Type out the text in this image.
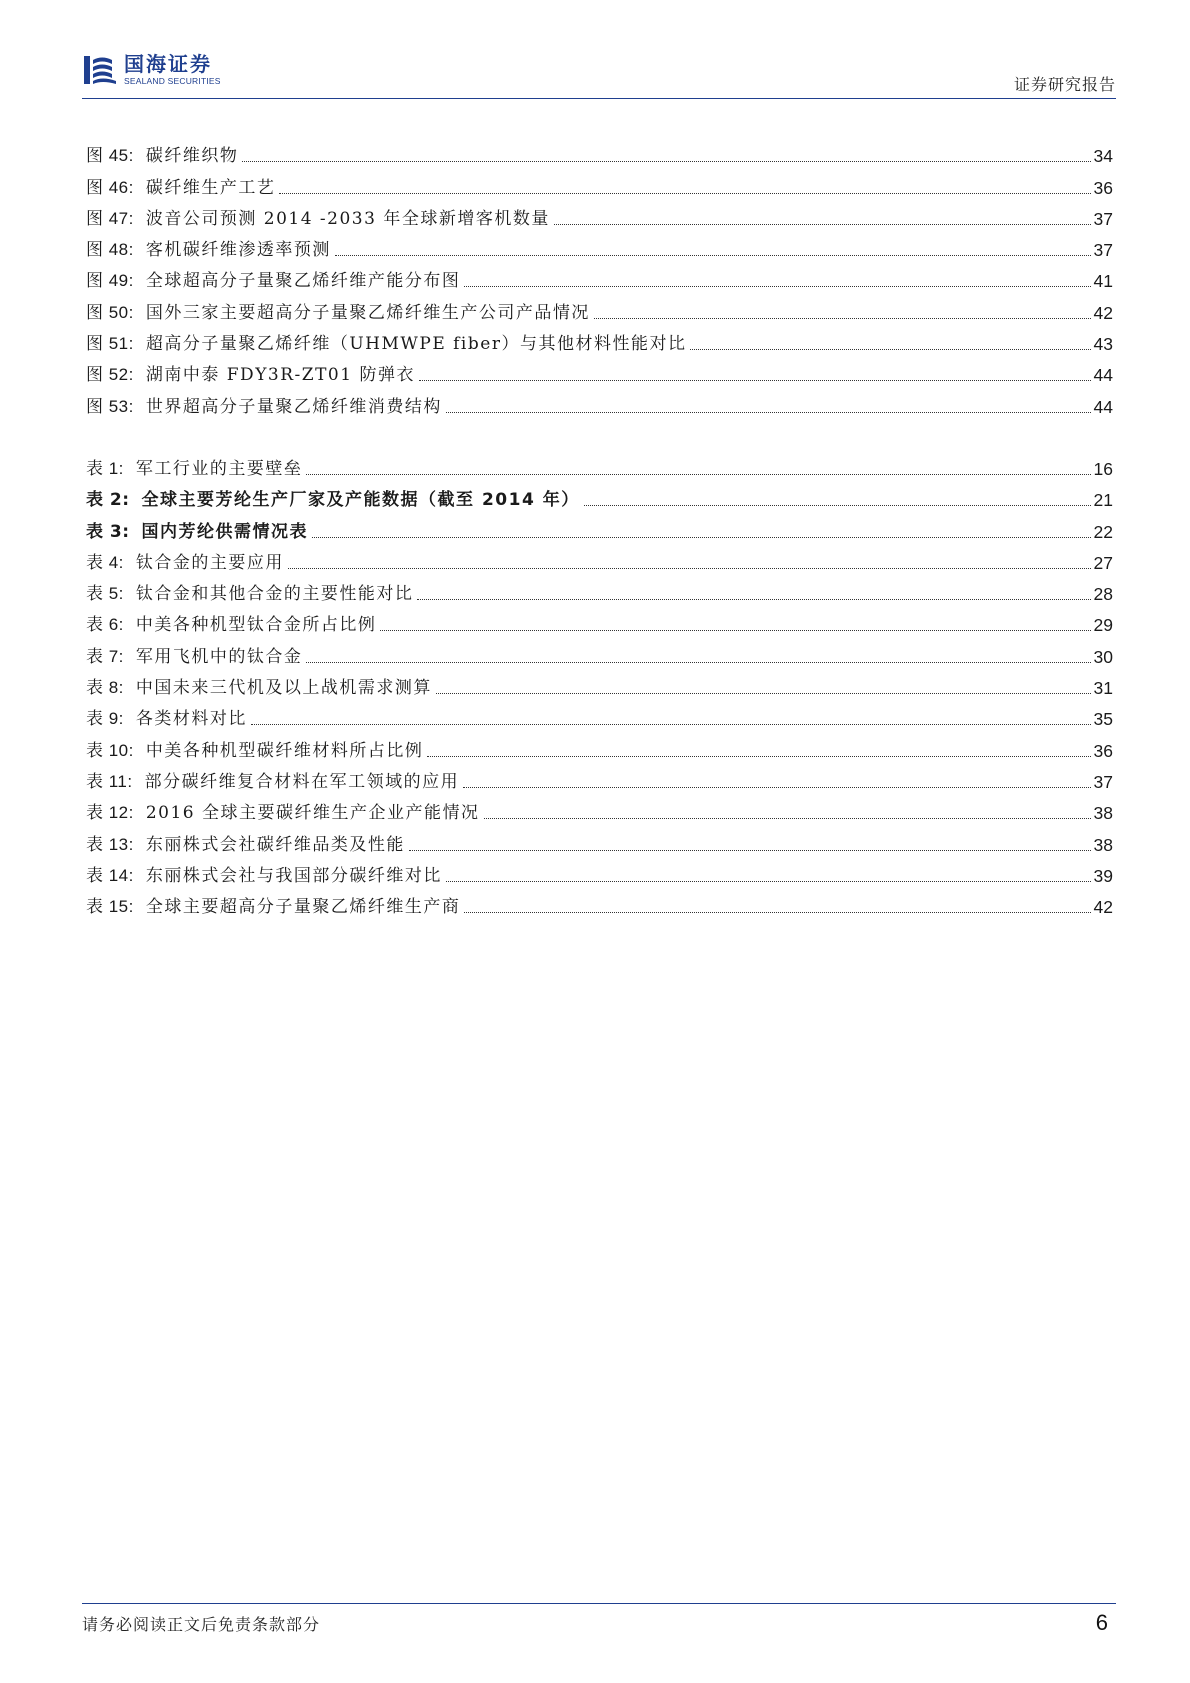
国海证券
SEALAND SECURITIES	证券研究报告
图 45: 碳纤维织物	34
图 46: 碳纤维生产工艺	36
图 47: 波音公司预测 2014 -2033 年全球新增客机数量	37
图 48: 客机碳纤维渗透率预测	37
图 49: 全球超高分子量聚乙烯纤维产能分布图	41
图 50: 国外三家主要超高分子量聚乙烯纤维生产公司产品情况	42
图 51: 超高分子量聚乙烯纤维（UHMWPE fiber）与其他材料性能对比	43
图 52: 湖南中泰 FDY3R-ZT01 防弹衣	44
图 53: 世界超高分子量聚乙烯纤维消费结构	44
表 1: 军工行业的主要壁垒	16
表 2: 全球主要芳纶生产厂家及产能数据（截至 2014 年）	21
表 3: 国内芳纶供需情况表	22
表 4: 钛合金的主要应用	27
表 5: 钛合金和其他合金的主要性能对比	28
表 6: 中美各种机型钛合金所占比例	29
表 7: 军用飞机中的钛合金	30
表 8: 中国未来三代机及以上战机需求测算	31
表 9: 各类材料对比	35
表 10: 中美各种机型碳纤维材料所占比例	36
表 11: 部分碳纤维复合材料在军工领域的应用	37
表 12: 2016 全球主要碳纤维生产企业产能情况	38
表 13: 东丽株式会社碳纤维品类及性能	38
表 14: 东丽株式会社与我国部分碳纤维对比	39
表 15: 全球主要超高分子量聚乙烯纤维生产商	42
请务必阅读正文后免责条款部分	6
